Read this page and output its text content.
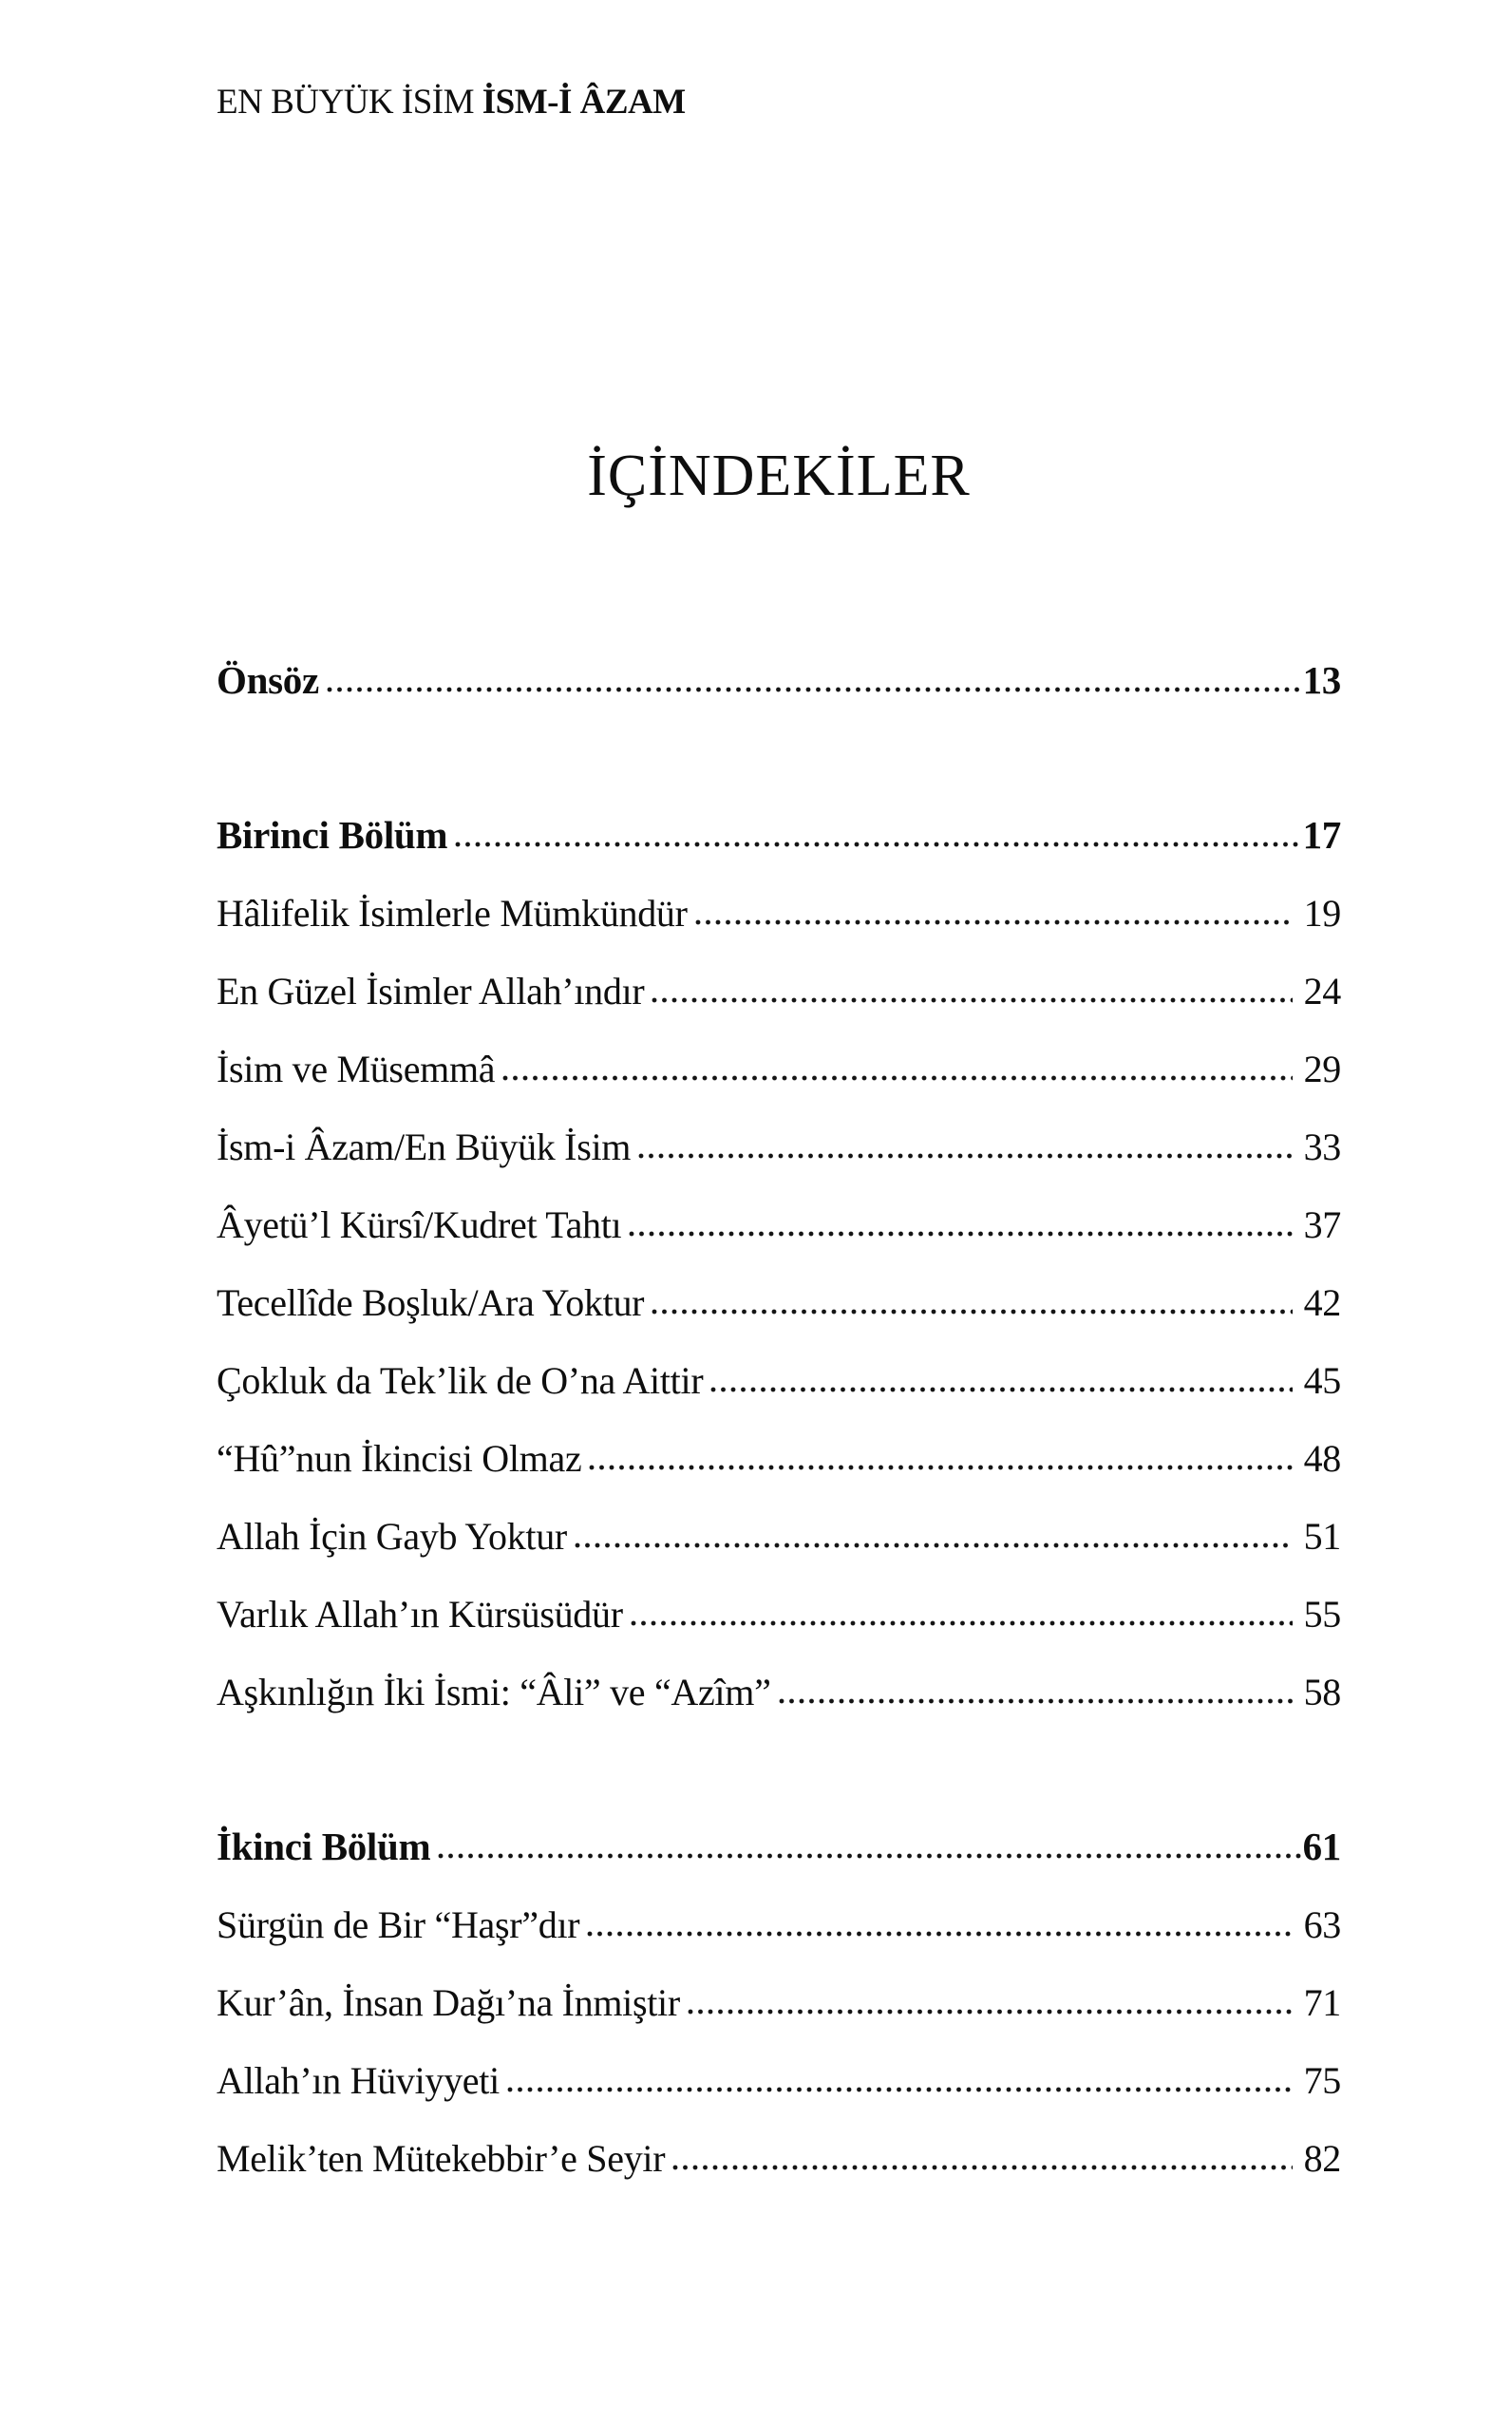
EN BÜYÜK İSİM İSM-İ ÂZAM
İÇİNDEKİLER
Önsöz	13
Birinci Bölüm	17
Hâlifelik İsimlerle Mümkündür	19
En Güzel İsimler Allah’ındır	24
İsim ve Müsemmâ	29
İsm-i Âzam/En Büyük İsim	33
Âyetü’l Kürsî/Kudret Tahtı	37
Tecellîde Boşluk/Ara Yoktur	42
Çokluk da Tek’lik de O’na Aittir	45
“Hû”nun İkincisi Olmaz	48
Allah İçin Gayb Yoktur	51
Varlık Allah’ın Kürsüsüdür	55
Aşkınlığın İki İsmi: “Âli” ve “Azîm”	58
İkinci Bölüm	61
Sürgün de Bir “Haşr”dır	63
Kur’ân, İnsan Dağı’na İnmiştir	71
Allah’ın Hüviyyeti	75
Melik’ten Mütekebbir’e Seyir	82
